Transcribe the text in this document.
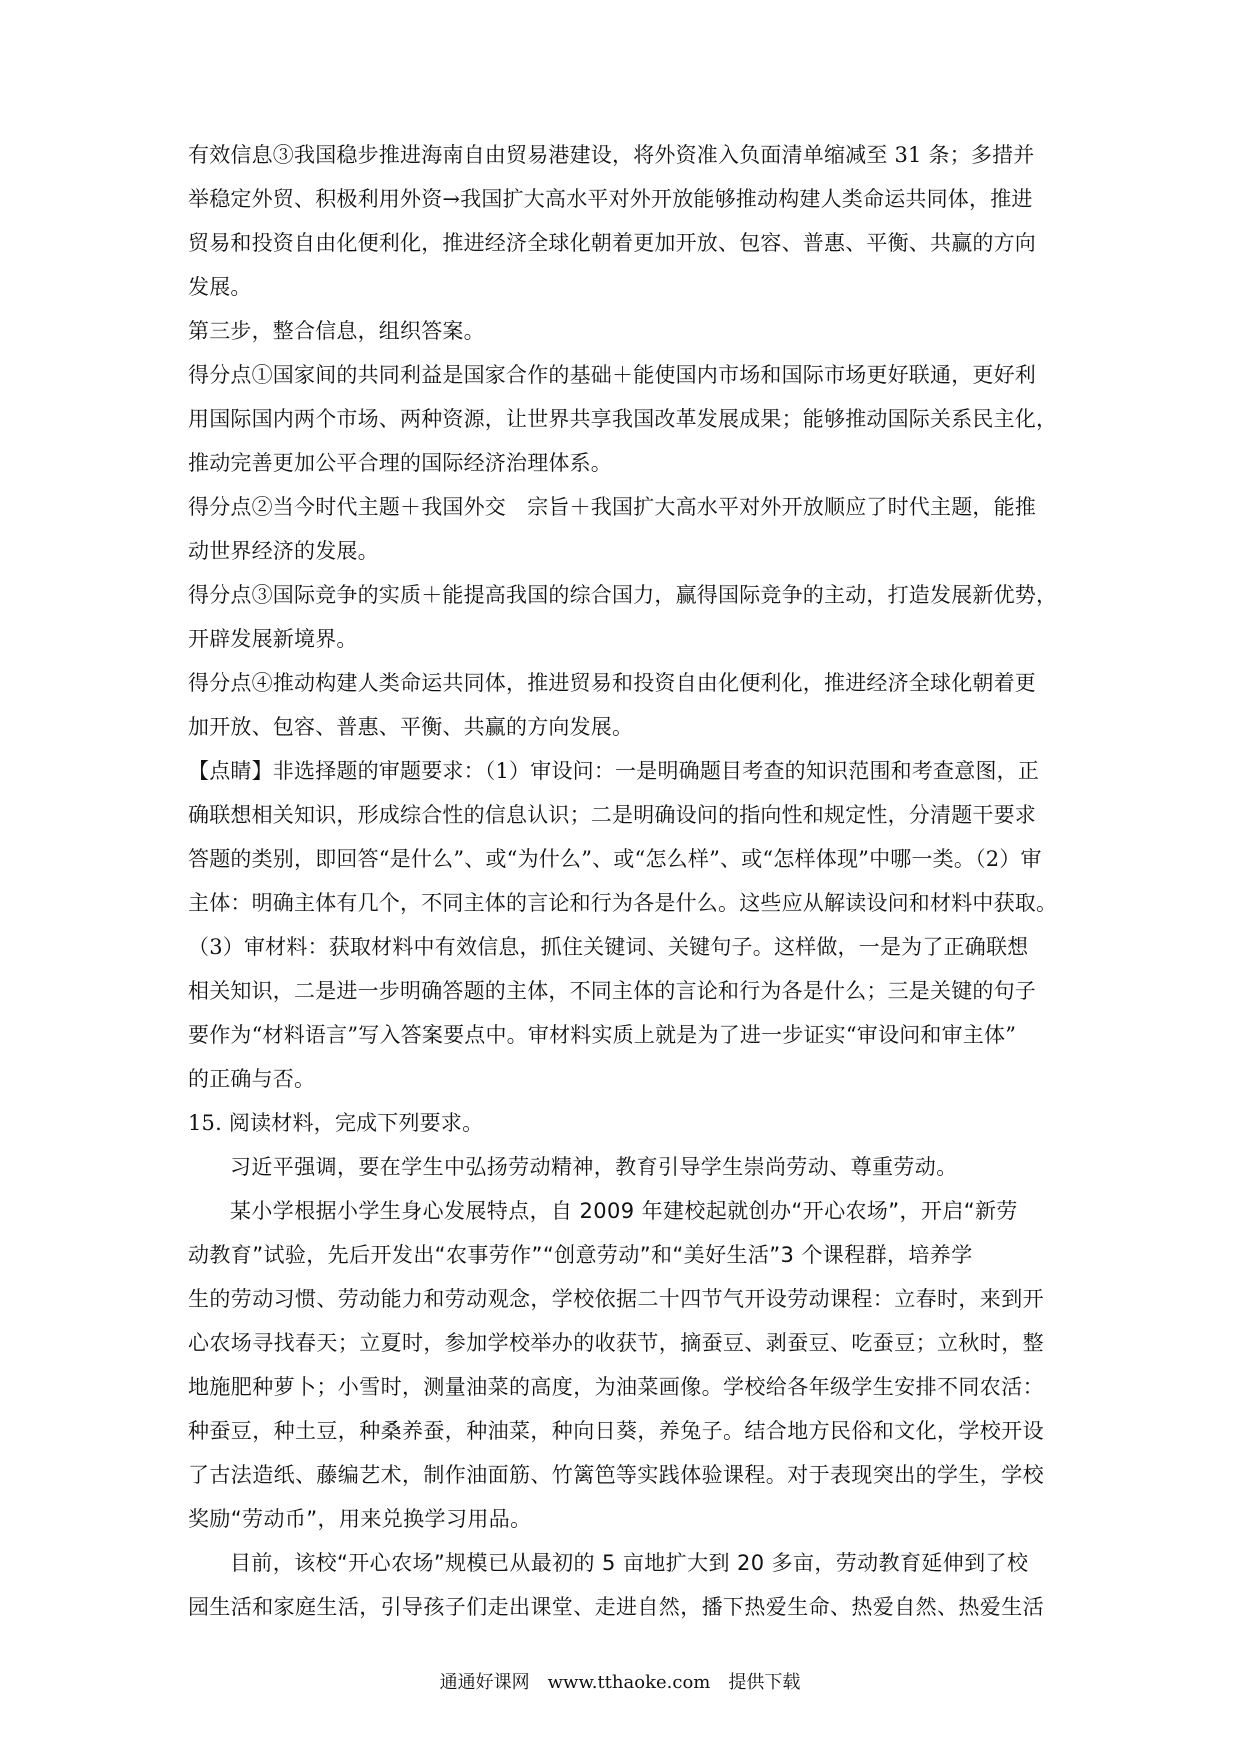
有效信息③我国稳步推进海南自由贸易港建设，将外资准入负面清单缩减至 31 条；多措并
举稳定外贸、积极利用外资→我国扩大高水平对外开放能够推动构建人类命运共同体，推进
贸易和投资自由化便利化，推进经济全球化朝着更加开放、包容、普惠、平衡、共赢的方向
发展。
第三步，整合信息，组织答案。
得分点①国家间的共同利益是国家合作的基础＋能使国内市场和国际市场更好联通，更好利
用国际国内两个市场、两种资源，让世界共享我国改革发展成果；能够推动国际关系民主化，
推动完善更加公平合理的国际经济治理体系。
得分点②当今时代主题＋我国外交　宗旨＋我国扩大高水平对外开放顺应了时代主题，能推
动世界经济的发展。
得分点③国际竞争的实质＋能提高我国的综合国力，赢得国际竞争的主动，打造发展新优势，
开辟发展新境界。
得分点④推动构建人类命运共同体，推进贸易和投资自由化便利化，推进经济全球化朝着更
加开放、包容、普惠、平衡、共赢的方向发展。
【点睛】非选择题的审题要求：（1）审设问：一是明确题目考查的知识范围和考查意图，正
确联想相关知识，形成综合性的信息认识；二是明确设问的指向性和规定性，分清题干要求
答题的类别，即回答“是什么”、或“为什么”、或“怎么样”、或“怎样体现”中哪一类。（2）审
主体：明确主体有几个，不同主体的言论和行为各是什么。这些应从解读设问和材料中获取。
（3）审材料：获取材料中有效信息，抓住关键词、关键句子。这样做，一是为了正确联想
相关知识，二是进一步明确答题的主体，不同主体的言论和行为各是什么；三是关键的句子
要作为“材料语言”写入答案要点中。审材料实质上就是为了进一步证实“审设问和审主体”
的正确与否。
15. 阅读材料，完成下列要求。
习近平强调，要在学生中弘扬劳动精神，教育引导学生崇尚劳动、尊重劳动。
某小学根据小学生身心发展特点，自 2009 年建校起就创办“开心农场”，开启“新劳
动教育”试验，先后开发出“农事劳作”“创意劳动”和“美好生活”3 个课程群，培养学
生的劳动习惯、劳动能力和劳动观念，学校依据二十四节气开设劳动课程：立春时，来到开
心农场寻找春天；立夏时，参加学校举办的收获节，摘蚕豆、剥蚕豆、吃蚕豆；立秋时，整
地施肥种萝卜；小雪时，测量油菜的高度，为油菜画像。学校给各年级学生安排不同农活：
种蚕豆，种土豆，种桑养蚕，种油菜，种向日葵，养兔子。结合地方民俗和文化，学校开设
了古法造纸、藤编艺术，制作油面筋、竹篱笆等实践体验课程。对于表现突出的学生，学校
奖励“劳动币”，用来兑换学习用品。
目前，该校“开心农场”规模已从最初的 5 亩地扩大到 20 多亩，劳动教育延伸到了校
园生活和家庭生活，引导孩子们走出课堂、走进自然，播下热爱生命、热爱自然、热爱生活
通通好课网　www.tthaoke.com　提供下载
